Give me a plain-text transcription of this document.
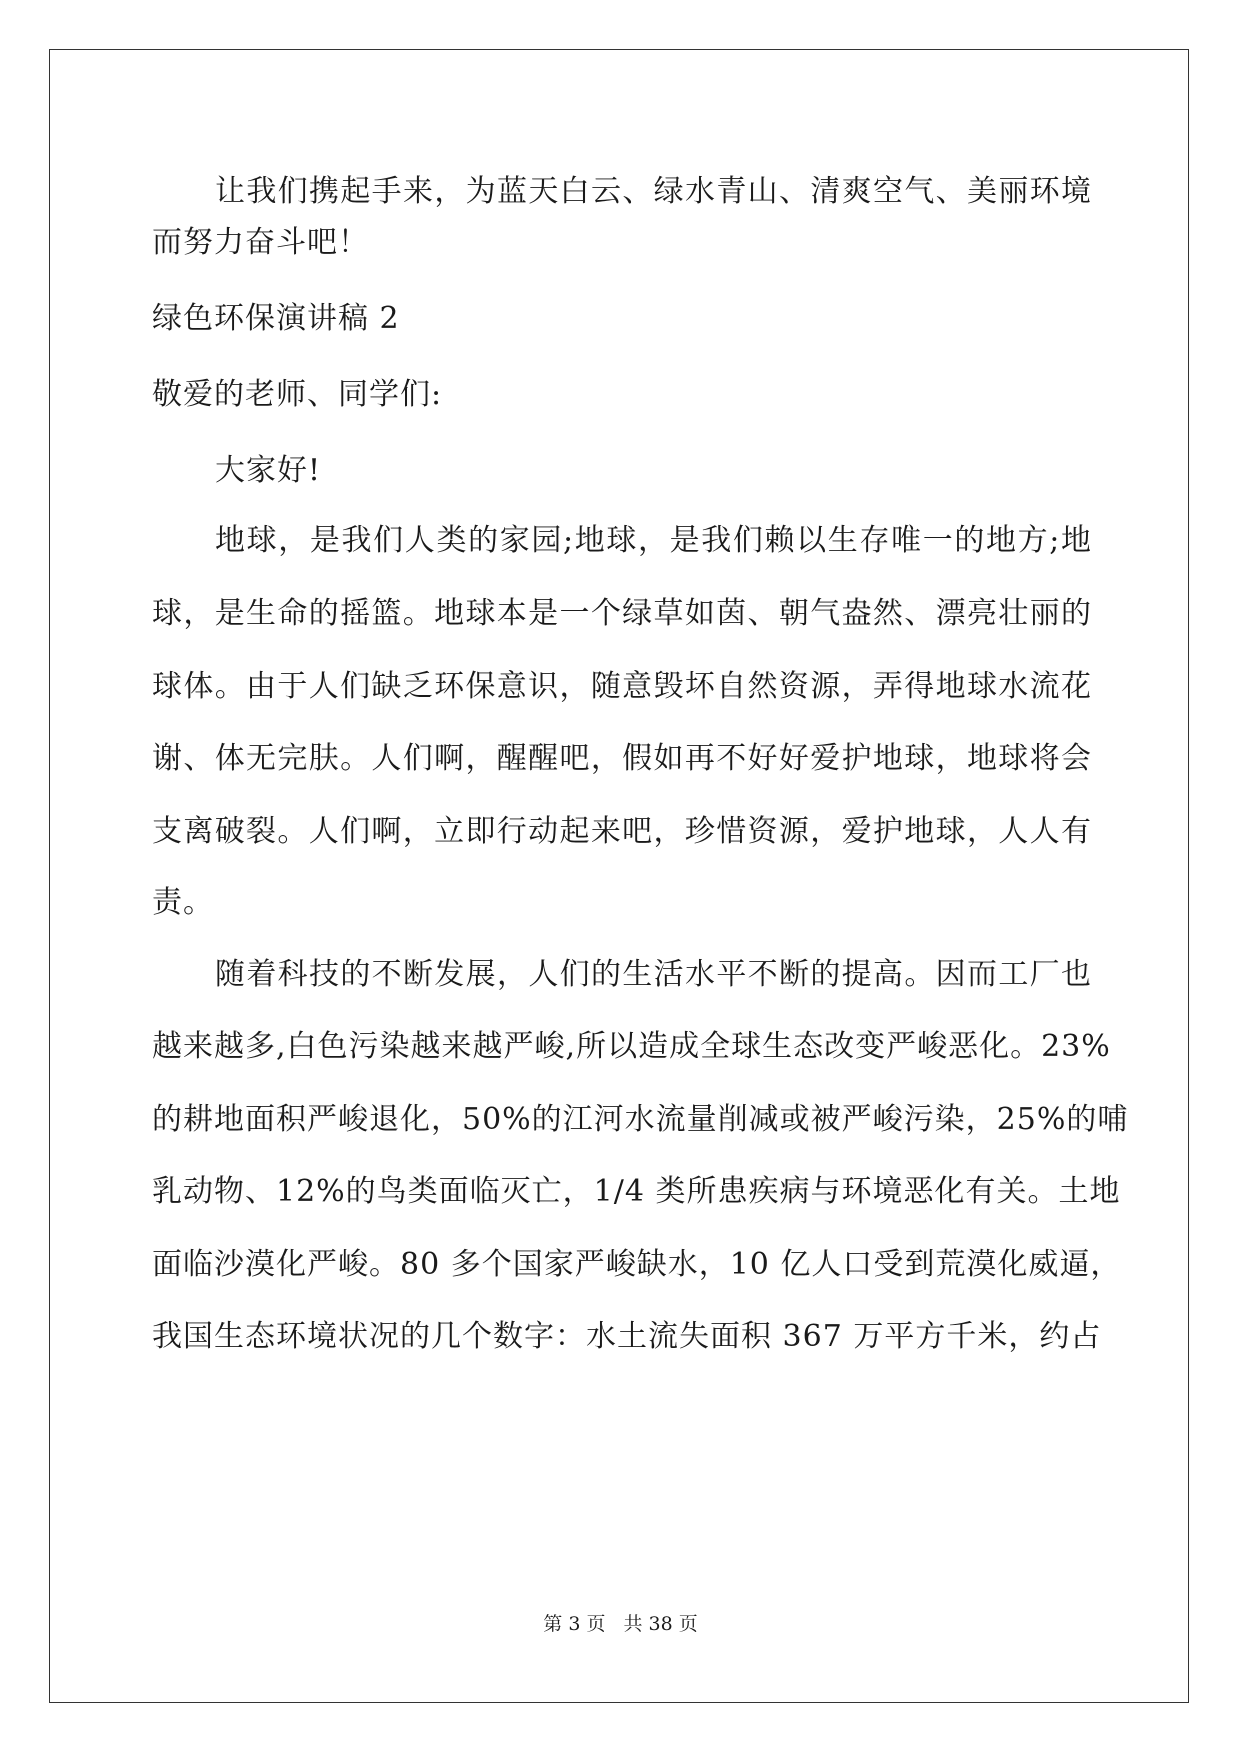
让我们携起手来，为蓝天白云、绿水青山、清爽空气、美丽环境
而努力奋斗吧！
绿色环保演讲稿 2
敬爱的老师、同学们:
大家好!
地球，是我们人类的家园;地球，是我们赖以生存唯一的地方;地
球，是生命的摇篮。地球本是一个绿草如茵、朝气盎然、漂亮壮丽的
球体。由于人们缺乏环保意识，随意毁坏自然资源，弄得地球水流花
谢、体无完肤。人们啊，醒醒吧，假如再不好好爱护地球，地球将会
支离破裂。人们啊，立即行动起来吧，珍惜资源，爱护地球，人人有
责。
随着科技的不断发展，人们的生活水平不断的提高。因而工厂也
越来越多,白色污染越来越严峻,所以造成全球生态改变严峻恶化。23%
的耕地面积严峻退化，50%的江河水流量削减或被严峻污染，25%的哺
乳动物、12%的鸟类面临灭亡，1/4 类所患疾病与环境恶化有关。土地
面临沙漠化严峻。80 多个国家严峻缺水，10 亿人口受到荒漠化威逼，
我国生态环境状况的几个数字：水土流失面积 367 万平方千米，约占
第 3 页 共 38 页
